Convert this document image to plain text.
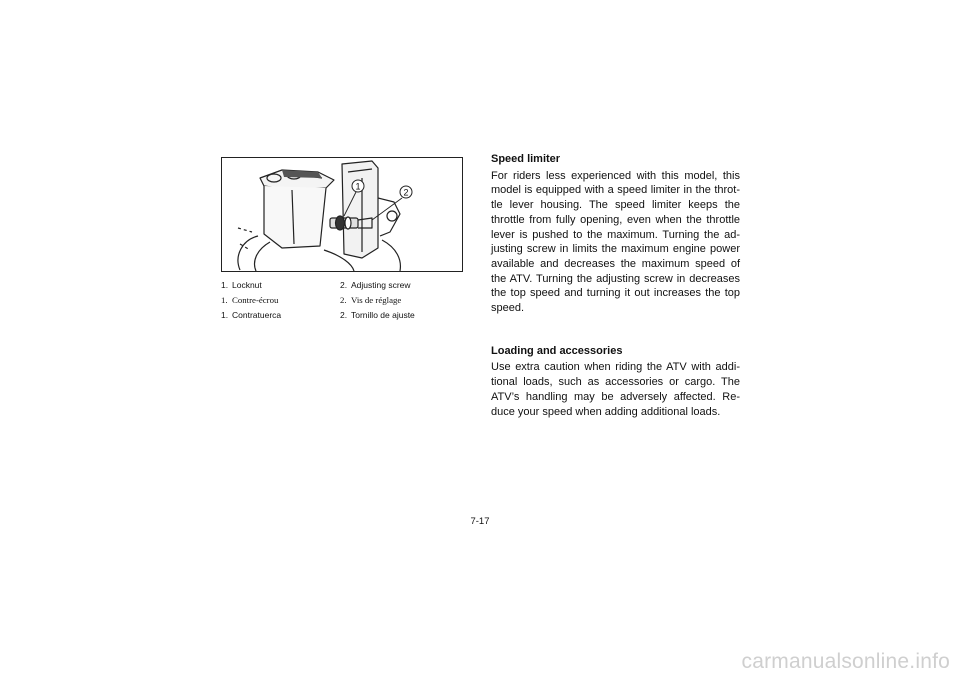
1
2
1. Locknut	2. Adjusting screw
1. Contre-écrou	2. Vis de réglage
1. Contratuerca	2. Tornillo de ajuste
Speed limiter

For riders less experienced with this model, this model is equipped with a speed limiter in the throt-tle lever housing. The speed limiter keeps the throttle from fully opening, even when the throttle lever is pushed to the maximum. Turning the ad-justing screw in limits the maximum engine power available and decreases the maximum speed of the ATV. Turning the adjusting screw in decreases the top speed and turning it out increases the top speed.

Loading and accessories

Use extra caution when riding the ATV with addi-tional loads, such as accessories or cargo. The ATV’s handling may be adversely affected. Re-duce your speed when adding additional loads.

7-17
carmanualsonline.info
